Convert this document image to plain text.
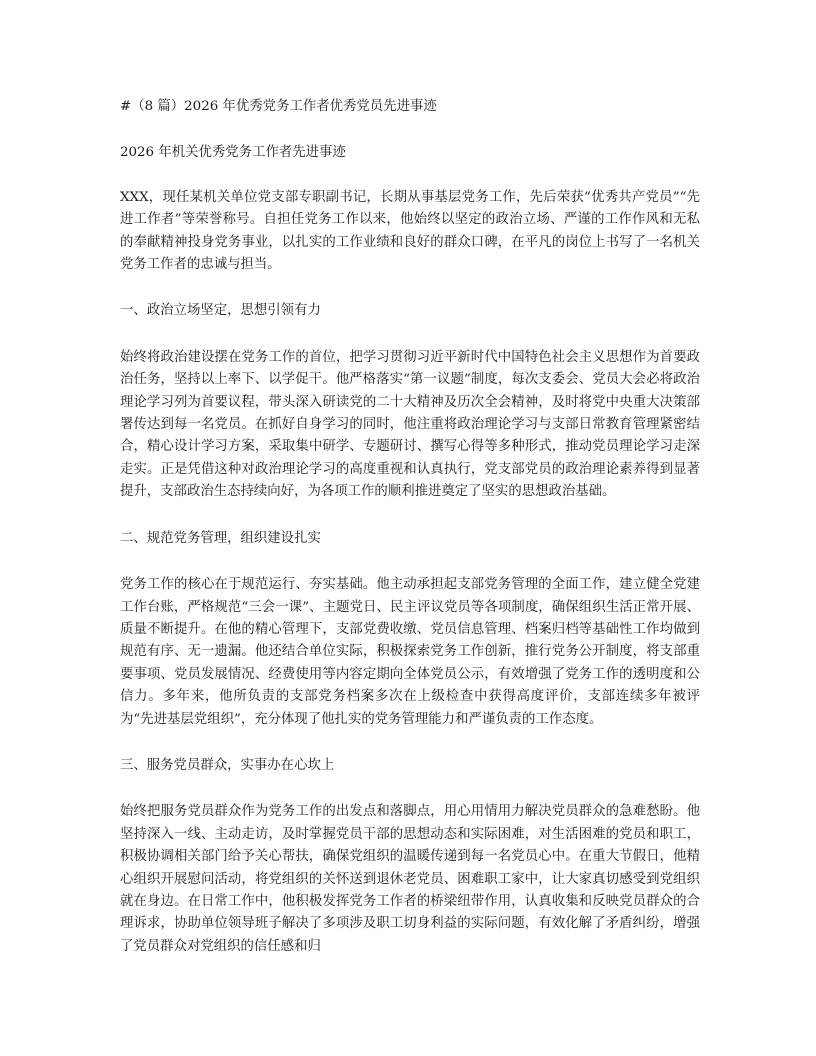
#（8 篇）2026 年优秀党务工作者优秀党员先进事迹

2026 年机关优秀党务工作者先进事迹

XXX，现任某机关单位党支部专职副书记，长期从事基层党务工作，先后荣获“优秀共产党员”“先进工作者”等荣誉称号。自担任党务工作以来，他始终以坚定的政治立场、严谨的工作作风和无私的奉献精神投身党务事业，以扎实的工作业绩和良好的群众口碑，在平凡的岗位上书写了一名机关党务工作者的忠诚与担当。

一、政治立场坚定，思想引领有力

始终将政治建设摆在党务工作的首位，把学习贯彻习近平新时代中国特色社会主义思想作为首要政治任务，坚持以上率下、以学促干。他严格落实“第一议题”制度，每次支委会、党员大会必将政治理论学习列为首要议程，带头深入研读党的二十大精神及历次全会精神，及时将党中央重大决策部署传达到每一名党员。在抓好自身学习的同时，他注重将政治理论学习与支部日常教育管理紧密结合，精心设计学习方案，采取集中研学、专题研讨、撰写心得等多种形式，推动党员理论学习走深走实。正是凭借这种对政治理论学习的高度重视和认真执行，党支部党员的政治理论素养得到显著提升，支部政治生态持续向好，为各项工作的顺利推进奠定了坚实的思想政治基础。

二、规范党务管理，组织建设扎实

党务工作的核心在于规范运行、夯实基础。他主动承担起支部党务管理的全面工作，建立健全党建工作台账，严格规范“三会一课”、主题党日、民主评议党员等各项制度，确保组织生活正常开展、质量不断提升。在他的精心管理下，支部党费收缴、党员信息管理、档案归档等基础性工作均做到规范有序、无一遗漏。他还结合单位实际，积极探索党务工作创新，推行党务公开制度，将支部重要事项、党员发展情况、经费使用等内容定期向全体党员公示，有效增强了党务工作的透明度和公信力。多年来，他所负责的支部党务档案多次在上级检查中获得高度评价，支部连续多年被评为“先进基层党组织”，充分体现了他扎实的党务管理能力和严谨负责的工作态度。

三、服务党员群众，实事办在心坎上

始终把服务党员群众作为党务工作的出发点和落脚点，用心用情用力解决党员群众的急难愁盼。他坚持深入一线、主动走访，及时掌握党员干部的思想动态和实际困难，对生活困难的党员和职工，积极协调相关部门给予关心帮扶，确保党组织的温暖传递到每一名党员心中。在重大节假日，他精心组织开展慰问活动，将党组织的关怀送到退休老党员、困难职工家中，让大家真切感受到党组织就在身边。在日常工作中，他积极发挥党务工作者的桥梁纽带作用，认真收集和反映党员群众的合理诉求，协助单位领导班子解决了多项涉及职工切身利益的实际问题，有效化解了矛盾纠纷，增强了党员群众对党组织的信任感和归
